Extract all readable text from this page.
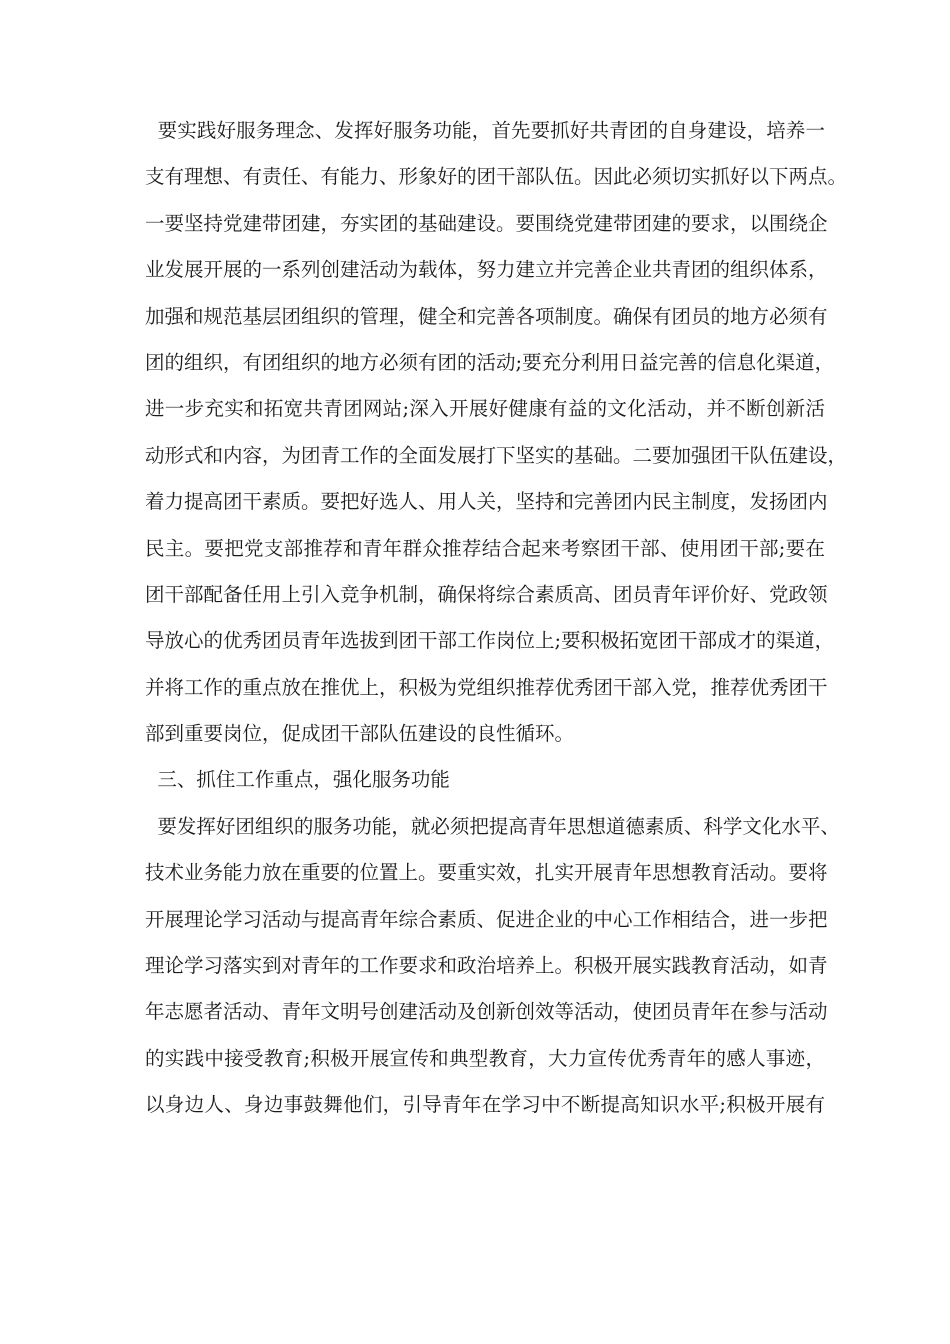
要实践好服务理念、发挥好服务功能，首先要抓好共青团的自身建设，培养一
支有理想、有责任、有能力、形象好的团干部队伍。因此必须切实抓好以下两点。
一要坚持党建带团建，夯实团的基础建设。要围绕党建带团建的要求，以围绕企
业发展开展的一系列创建活动为载体，努力建立并完善企业共青团的组织体系，
加强和规范基层团组织的管理，健全和完善各项制度。确保有团员的地方必须有
团的组织，有团组织的地方必须有团的活动;要充分利用日益完善的信息化渠道，
进一步充实和拓宽共青团网站;深入开展好健康有益的文化活动，并不断创新活
动形式和内容，为团青工作的全面发展打下坚实的基础。二要加强团干队伍建设，
着力提高团干素质。要把好选人、用人关，坚持和完善团内民主制度，发扬团内
民主。要把党支部推荐和青年群众推荐结合起来考察团干部、使用团干部;要在
团干部配备任用上引入竞争机制，确保将综合素质高、团员青年评价好、党政领
导放心的优秀团员青年选拔到团干部工作岗位上;要积极拓宽团干部成才的渠道，
并将工作的重点放在推优上，积极为党组织推荐优秀团干部入党，推荐优秀团干
部到重要岗位，促成团干部队伍建设的良性循环。
三、抓住工作重点，强化服务功能
要发挥好团组织的服务功能，就必须把提高青年思想道德素质、科学文化水平、
技术业务能力放在重要的位置上。要重实效，扎实开展青年思想教育活动。要将
开展理论学习活动与提高青年综合素质、促进企业的中心工作相结合，进一步把
理论学习落实到对青年的工作要求和政治培养上。积极开展实践教育活动，如青
年志愿者活动、青年文明号创建活动及创新创效等活动，使团员青年在参与活动
的实践中接受教育;积极开展宣传和典型教育，大力宣传优秀青年的感人事迹，
以身边人、身边事鼓舞他们，引导青年在学习中不断提高知识水平;积极开展有
